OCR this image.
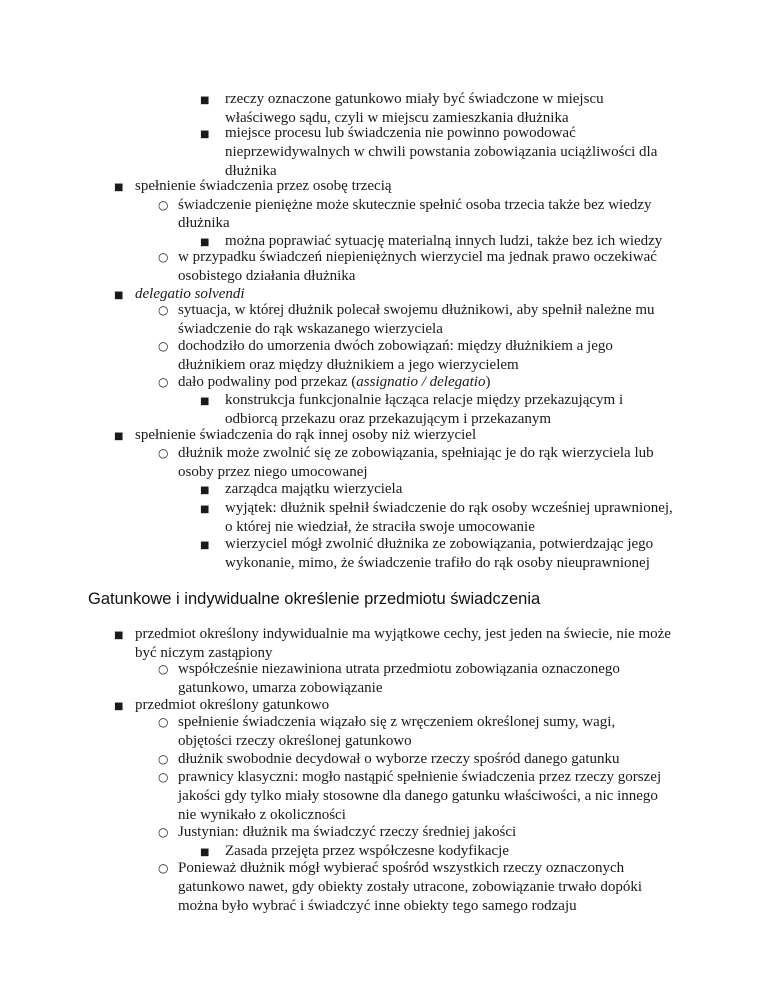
■ rzeczy oznaczone gatunkowo miały być świadczone w miejscu
właściwego sądu, czyli w miejscu zamieszkania dłużnika
■ miejsce procesu lub świadczenia nie powinno powodować
nieprzewidywalnych w chwili powstania zobowiązania uciążliwości dla
dłużnika
■ spełnienie świadczenia przez osobę trzecią
○ świadczenie pieniężne może skutecznie spełnić osoba trzecia także bez wiedzy
dłużnika
■ można poprawiać sytuację materialną innych ludzi, także bez ich wiedzy
○ w przypadku świadczeń niepieniężnych wierzyciel ma jednak prawo oczekiwać
osobistego działania dłużnika
■ delegatio solvendi
○ sytuacja, w której dłużnik polecał swojemu dłużnikowi, aby spełnił należne mu
świadczenie do rąk wskazanego wierzyciela
○ dochodziło do umorzenia dwóch zobowiązań: między dłużnikiem a jego
dłużnikiem oraz między dłużnikiem a jego wierzycielem
○ dało podwaliny pod przekaz (assignatio / delegatio)
■ konstrukcja funkcjonalnie łącząca relacje między przekazującym i
odbiorcą przekazu oraz przekazującym i przekazanym
■ spełnienie świadczenia do rąk innej osoby niż wierzyciel
○ dłużnik może zwolnić się ze zobowiązania, spełniając je do rąk wierzyciela lub
osoby przez niego umocowanej
■ zarządca majątku wierzyciela
■ wyjątek: dłużnik spełnił świadczenie do rąk osoby wcześniej uprawnionej,
o której nie wiedział, że straciła swoje umocowanie
■ wierzyciel mógł zwolnić dłużnika ze zobowiązania, potwierdzając jego
wykonanie, mimo, że świadczenie trafiło do rąk osoby nieuprawnionej
Gatunkowe i indywidualne określenie przedmiotu świadczenia
■ przedmiot określony indywidualnie ma wyjątkowe cechy, jest jeden na świecie, nie może
być niczym zastąpiony
○ współcześnie niezawiniona utrata przedmiotu zobowiązania oznaczonego
gatunkowo, umarza zobowiązanie
■ przedmiot określony gatunkowo
○ spełnienie świadczenia wiązało się z wręczeniem określonej sumy, wagi,
objętości rzeczy określonej gatunkowo
○ dłużnik swobodnie decydował o wyborze rzeczy spośród danego gatunku
○ prawnicy klasyczni: mogło nastąpić spełnienie świadczenia przez rzeczy gorszej
jakości gdy tylko miały stosowne dla danego gatunku właściwości, a nic innego
nie wynikało z okoliczności
○ Justynian: dłużnik ma świadczyć rzeczy średniej jakości
■ Zasada przejęta przez współczesne kodyfikacje
○ Ponieważ dłużnik mógł wybierać spośród wszystkich rzeczy oznaczonych
gatunkowo nawet, gdy obiekty zostały utracone, zobowiązanie trwało dopóki
można było wybrać i świadczyć inne obiekty tego samego rodzaju
